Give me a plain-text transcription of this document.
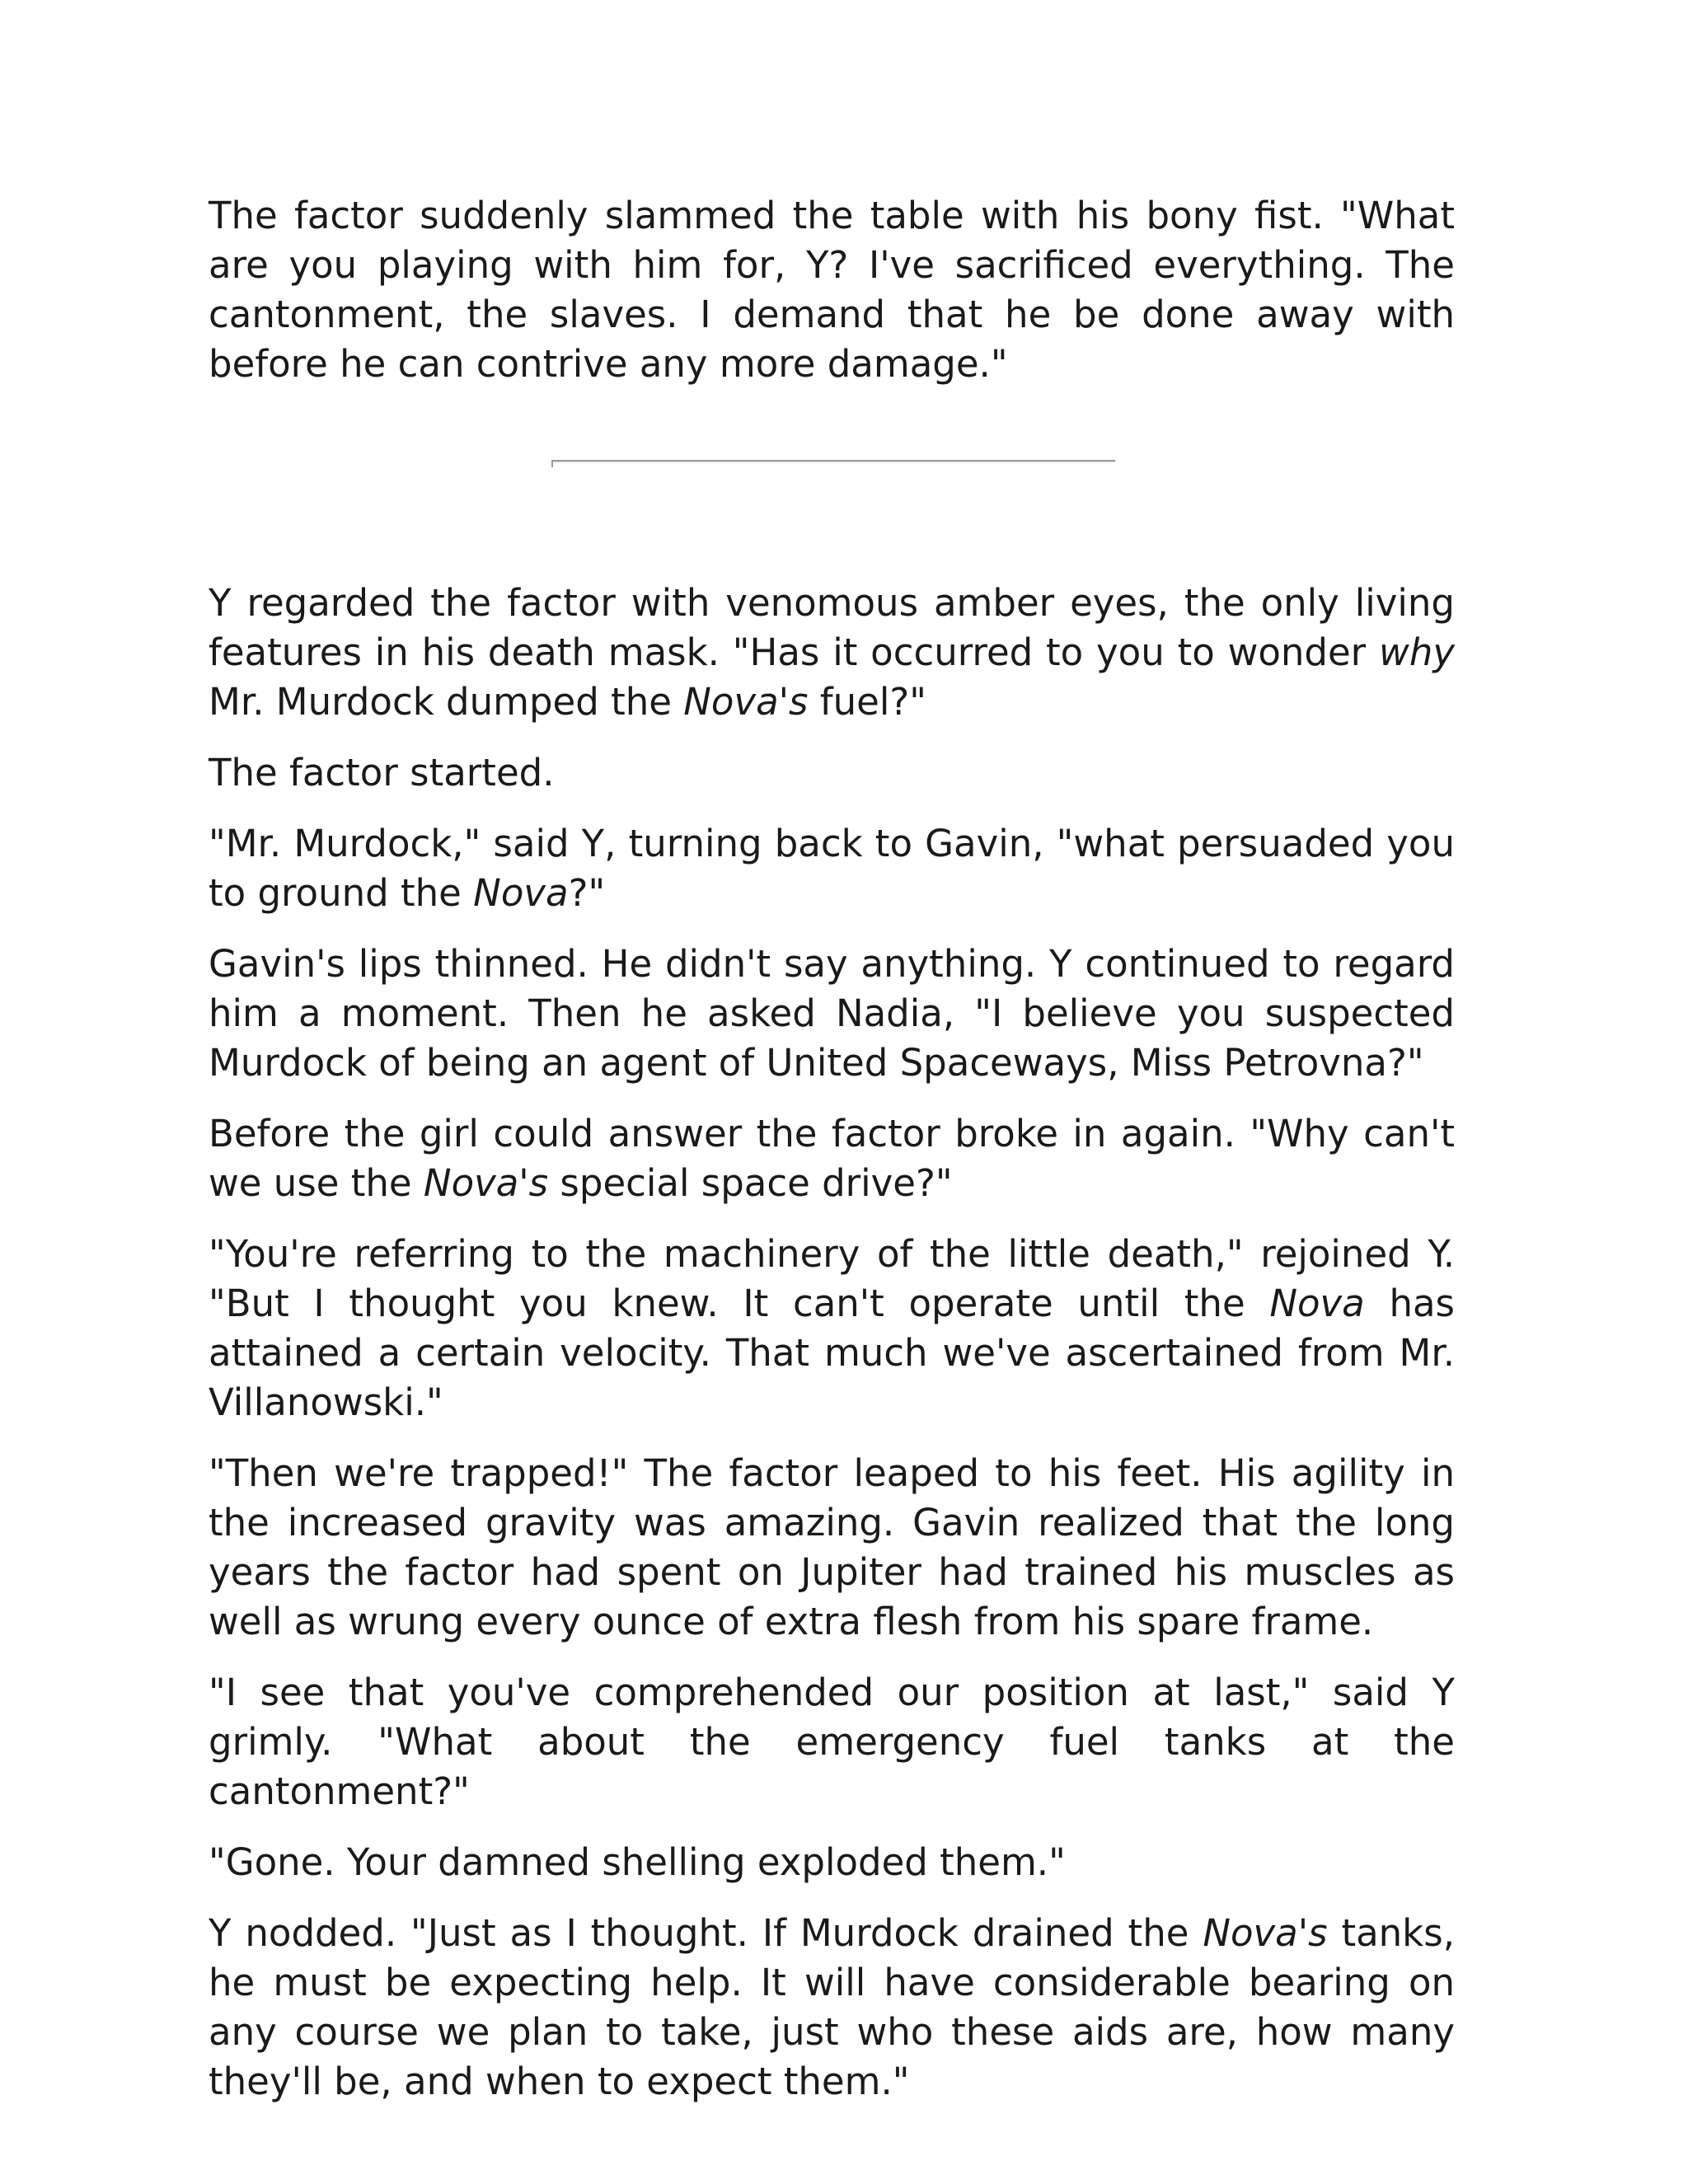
The factor suddenly slammed the table with his bony fist. "What are you playing with him for, Y? I've sacrificed everything. The cantonment, the slaves. I demand that he be done away with before he can contrive any more damage."

Y regarded the factor with venomous amber eyes, the only living features in his death mask. "Has it occurred to you to wonder why Mr. Murdock dumped the Nova's fuel?"

The factor started.

"Mr. Murdock," said Y, turning back to Gavin, "what persuaded you to ground the Nova?"

Gavin's lips thinned. He didn't say anything. Y continued to regard him a moment. Then he asked Nadia, "I believe you suspected Murdock of being an agent of United Spaceways, Miss Petrovna?"

Before the girl could answer the factor broke in again. "Why can't we use the Nova's special space drive?"

"You're referring to the machinery of the little death," rejoined Y. "But I thought you knew. It can't operate until the Nova has attained a certain velocity. That much we've ascertained from Mr. Villanowski."

"Then we're trapped!" The factor leaped to his feet. His agility in the increased gravity was amazing. Gavin realized that the long years the factor had spent on Jupiter had trained his muscles as well as wrung every ounce of extra flesh from his spare frame.

"I see that you've comprehended our position at last," said Y grimly. "What about the emergency fuel tanks at the cantonment?"

"Gone. Your damned shelling exploded them."

Y nodded. "Just as I thought. If Murdock drained the Nova's tanks, he must be expecting help. It will have considerable bearing on any course we plan to take, just who these aids are, how many they'll be, and when to expect them."
